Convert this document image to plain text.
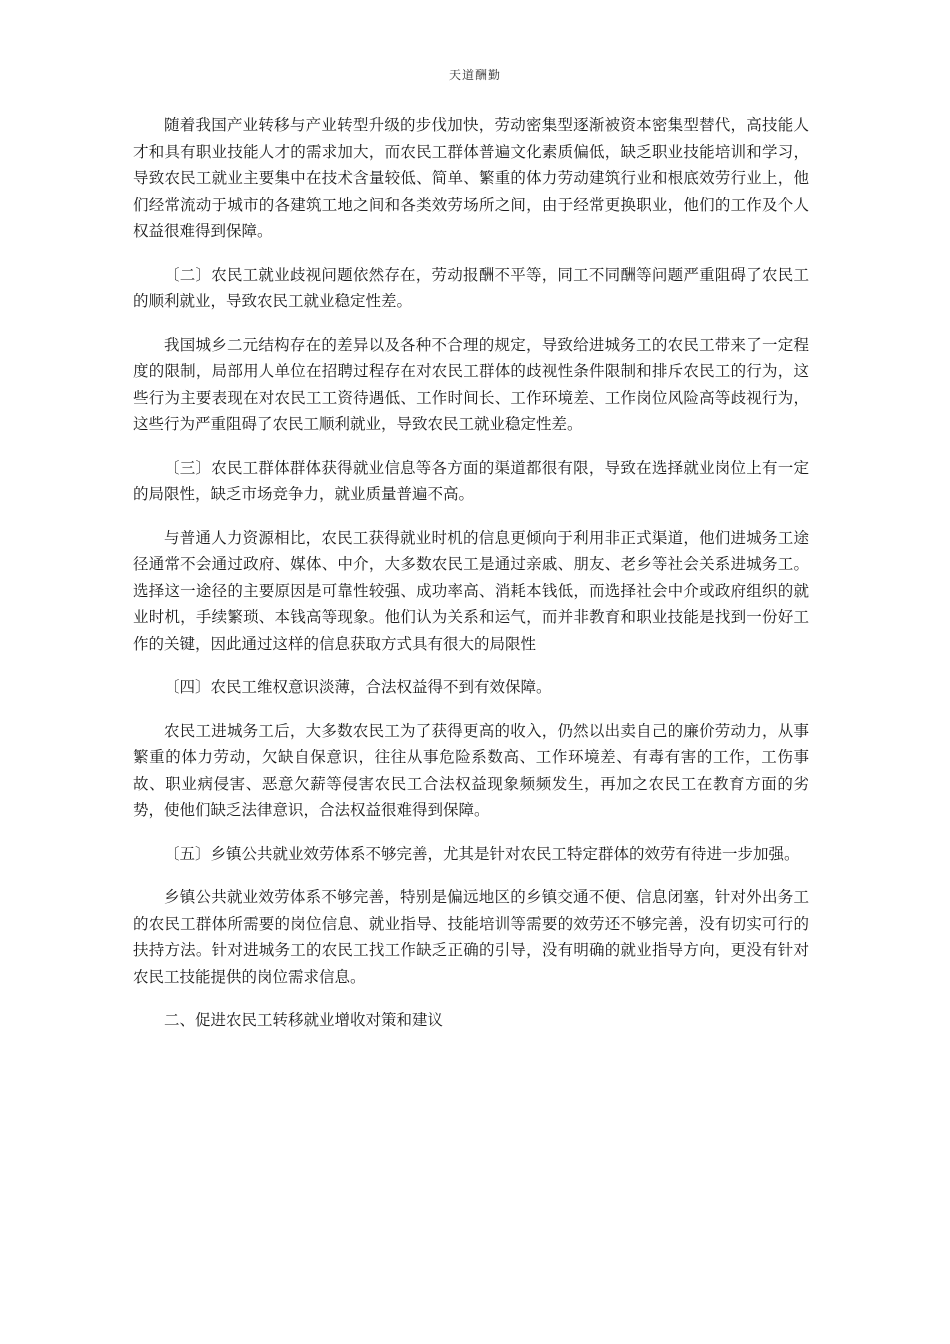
天道酬勤

随着我国产业转移与产业转型升级的步伐加快，劳动密集型逐渐被资本密集型替代，高技能人才和具有职业技能人才的需求加大，而农民工群体普遍文化素质偏低，缺乏职业技能培训和学习，导致农民工就业主要集中在技术含量较低、简单、繁重的体力劳动建筑行业和根底效劳行业上，他们经常流动于城市的各建筑工地之间和各类效劳场所之间，由于经常更换职业，他们的工作及个人权益很难得到保障。

〔二〕农民工就业歧视问题依然存在，劳动报酬不平等，同工不同酬等问题严重阻碍了农民工的顺利就业，导致农民工就业稳定性差。

我国城乡二元结构存在的差异以及各种不合理的规定，导致给进城务工的农民工带来了一定程度的限制，局部用人单位在招聘过程存在对农民工群体的歧视性条件限制和排斥农民工的行为，这些行为主要表现在对农民工工资待遇低、工作时间长、工作环境差、工作岗位风险高等歧视行为，这些行为严重阻碍了农民工顺利就业，导致农民工就业稳定性差。

〔三〕农民工群体群体获得就业信息等各方面的渠道都很有限，导致在选择就业岗位上有一定的局限性，缺乏市场竞争力，就业质量普遍不高。

与普通人力资源相比，农民工获得就业时机的信息更倾向于利用非正式渠道，他们进城务工途径通常不会通过政府、媒体、中介，大多数农民工是通过亲戚、朋友、老乡等社会关系进城务工。选择这一途径的主要原因是可靠性较强、成功率高、消耗本钱低，而选择社会中介或政府组织的就业时机，手续繁琐、本钱高等现象。他们认为关系和运气，而并非教育和职业技能是找到一份好工作的关键，因此通过这样的信息获取方式具有很大的局限性

〔四〕农民工维权意识淡薄，合法权益得不到有效保障。

农民工进城务工后，大多数农民工为了获得更高的收入，仍然以出卖自己的廉价劳动力，从事繁重的体力劳动，欠缺自保意识，往往从事危险系数高、工作环境差、有毒有害的工作，工伤事故、职业病侵害、恶意欠薪等侵害农民工合法权益现象频频发生，再加之农民工在教育方面的劣势，使他们缺乏法律意识，合法权益很难得到保障。

〔五〕乡镇公共就业效劳体系不够完善，尤其是针对农民工特定群体的效劳有待进一步加强。

乡镇公共就业效劳体系不够完善，特别是偏远地区的乡镇交通不便、信息闭塞，针对外出务工的农民工群体所需要的岗位信息、就业指导、技能培训等需要的效劳还不够完善，没有切实可行的扶持方法。针对进城务工的农民工找工作缺乏正确的引导，没有明确的就业指导方向，更没有针对农民工技能提供的岗位需求信息。

二、促进农民工转移就业增收对策和建议
